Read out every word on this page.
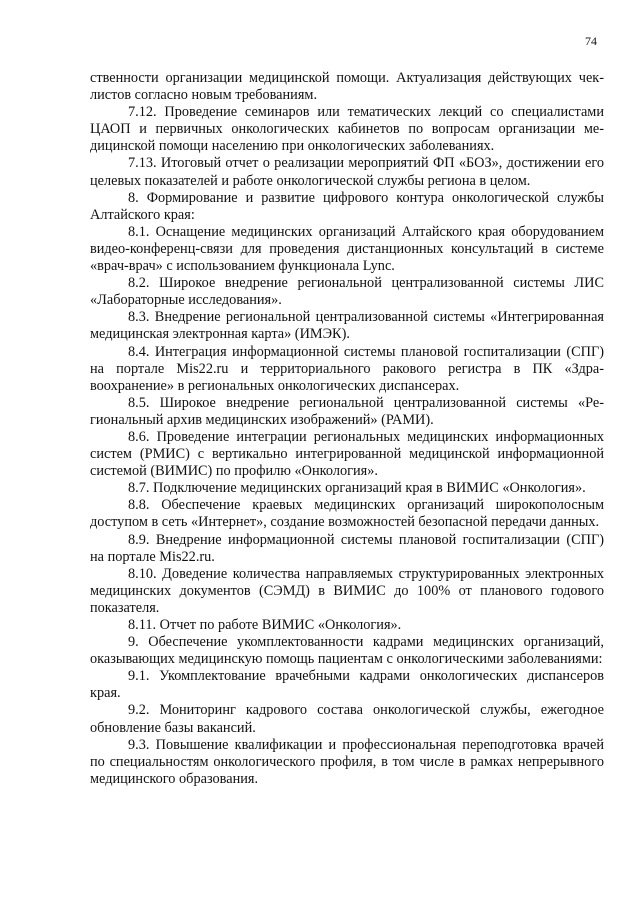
74

ственности организации медицинской помощи. Актуализация действующих чек-листов согласно новым требованиям.

7.12. Проведение семинаров или тематических лекций со специалистами ЦАОП и первичных онкологических кабинетов по вопросам организации медицинской помощи населению при онкологических заболеваниях.

7.13. Итоговый отчет о реализации мероприятий ФП «БОЗ», достижении его целевых показателей и работе онкологической службы региона в целом.

8. Формирование и развитие цифрового контура онкологической службы Алтайского края:

8.1. Оснащение медицинских организаций Алтайского края оборудованием видео-конференц-связи для проведения дистанционных консультаций в системе «врач-врач» с использованием функционала Lync.

8.2. Широкое внедрение региональной централизованной системы ЛИС «Лабораторные исследования».

8.3. Внедрение региональной централизованной системы «Интегрированная медицинская электронная карта» (ИМЭК).

8.4. Интеграция информационной системы плановой госпитализации (СПГ) на портале Mis22.ru и территориального ракового регистра в ПК «Здравоохранение» в региональных онкологических диспансерах.

8.5. Широкое внедрение региональной централизованной системы «Региональный архив медицинских изображений» (РАМИ).

8.6. Проведение интеграции региональных медицинских информационных систем (РМИС) с вертикально интегрированной медицинской информационной системой (ВИМИС) по профилю «Онкология».

8.7. Подключение медицинских организаций края в ВИМИС «Онкология».

8.8. Обеспечение краевых медицинских организаций широкополосным доступом в сеть «Интернет», создание возможностей безопасной передачи данных.

8.9. Внедрение информационной системы плановой госпитализации (СПГ) на портале Mis22.ru.

8.10. Доведение количества направляемых структурированных электронных медицинских документов (СЭМД) в ВИМИС до 100% от планового годового показателя.

8.11. Отчет по работе ВИМИС «Онкология».

9. Обеспечение укомплектованности кадрами медицинских организаций, оказывающих медицинскую помощь пациентам с онкологическими заболеваниями:

9.1. Укомплектование врачебными кадрами онкологических диспансеров края.

9.2. Мониторинг кадрового состава онкологической службы, ежегодное обновление базы вакансий.

9.3. Повышение квалификации и профессиональная переподготовка врачей по специальностям онкологического профиля, в том числе в рамках непрерывного медицинского образования.
